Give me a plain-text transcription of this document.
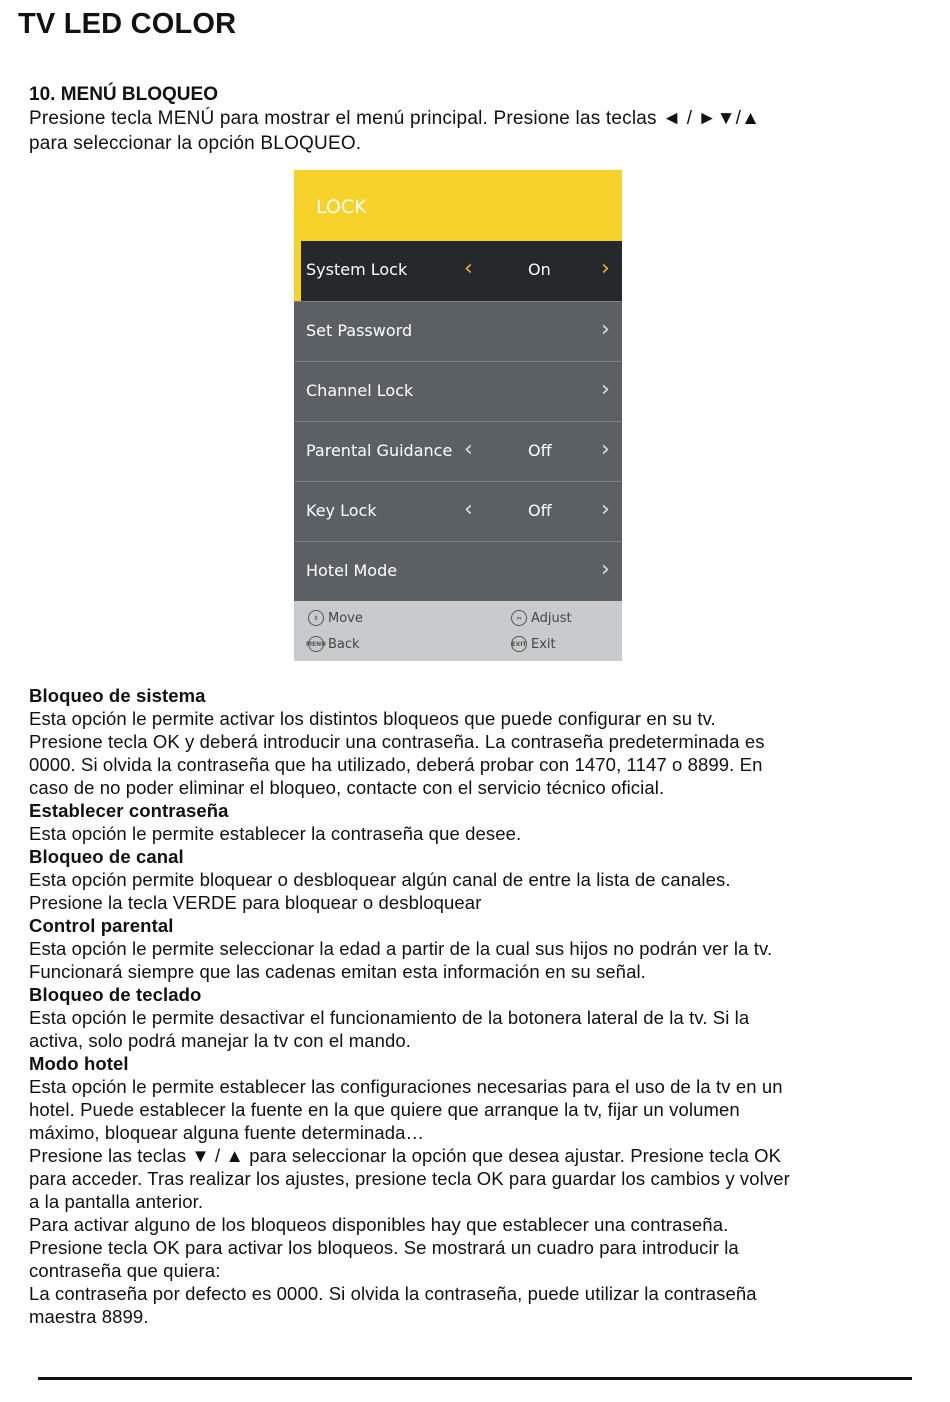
TV LED COLOR
10. MENÚ BLOQUEO

Presione tecla MENÚ para mostrar el menú principal. Presione las teclas ◄ / ►▼/▲
para seleccionar la opción BLOQUEO.

LOCK
System Lock	‹	On ›
Set Password	›
Channel Lock	›
Parental Guidance ‹	Off ›
Key Lock	‹	Off ›
Hotel Mode	›
⇕ Move	⇔ Adjust
MENU Back	EXIT Exit
Bloqueo de sistema
Esta opción le permite activar los distintos bloqueos que puede configurar en su tv.
Presione tecla OK y deberá introducir una contraseña. La contraseña predeterminada es
0000. Si olvida la contraseña que ha utilizado, deberá probar con 1470, 1147 o 8899. En
caso de no poder eliminar el bloqueo, contacte con el servicio técnico oficial.
Establecer contraseña
Esta opción le permite establecer la contraseña que desee.
Bloqueo de canal
Esta opción permite bloquear o desbloquear algún canal de entre la lista de canales.
Presione la tecla VERDE para bloquear o desbloquear
Control parental
Esta opción le permite seleccionar la edad a partir de la cual sus hijos no podrán ver la tv.
Funcionará siempre que las cadenas emitan esta información en su señal.
Bloqueo de teclado
Esta opción le permite desactivar el funcionamiento de la botonera lateral de la tv. Si la
activa, solo podrá manejar la tv con el mando.
Modo hotel
Esta opción le permite establecer las configuraciones necesarias para el uso de la tv en un
hotel. Puede establecer la fuente en la que quiere que arranque la tv, fijar un volumen
máximo, bloquear alguna fuente determinada…
Presione las teclas ▼ / ▲ para seleccionar la opción que desea ajustar. Presione tecla OK
para acceder. Tras realizar los ajustes, presione tecla OK para guardar los cambios y volver
a la pantalla anterior.
Para activar alguno de los bloqueos disponibles hay que establecer una contraseña.
Presione tecla OK para activar los bloqueos. Se mostrará un cuadro para introducir la
contraseña que quiera:
La contraseña por defecto es 0000. Si olvida la contraseña, puede utilizar la contraseña
maestra 8899.
